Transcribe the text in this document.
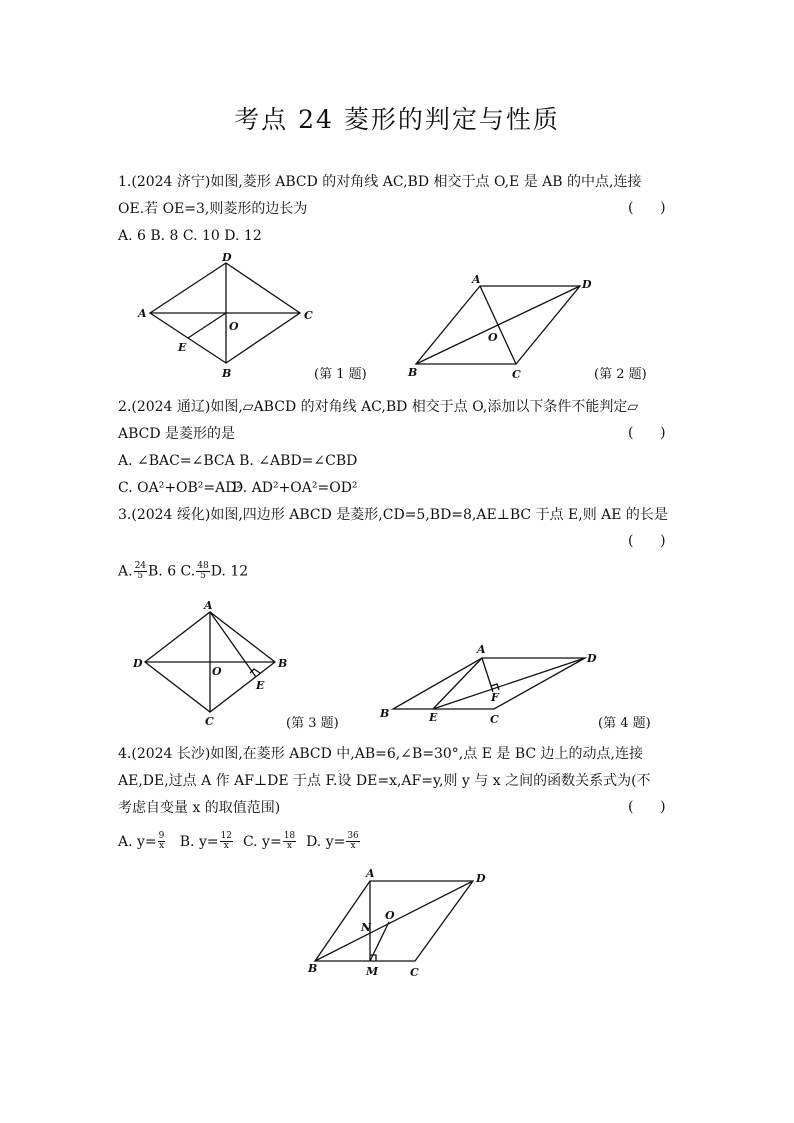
考点 24 菱形的判定与性质
1.(2024 济宁)如图,菱形 ABCD 的对角线 AC,BD 相交于点 O,E 是 AB 的中点,连接
OE.若 OE=3,则菱形的边长为	(      )
A. 6 B. 8 C. 10 D. 12
A
D
C
B
O
E
(第 1 题)
A	D
B	C
O
(第 2 题)
2.(2024 通辽)如图,▱ABCD 的对角线 AC,BD 相交于点 O,添加以下条件不能判定▱
ABCD 是菱形的是	(      )
A. ∠BAC=∠BCA B. ∠ABD=∠CBD
C. OA²+OB²=AD²
D. AD²+OA²=OD²
3.(2024 绥化)如图,四边形 ABCD 是菱形,CD=5,BD=8,AE⊥BC 于点 E,则 AE 的长是
(      )
A. $\frac{24}{5} B$. 6 C. $\frac{48}{5} D$. 12
A
D	B
C
O
E
(第 3 题)
A
D
B	E	C
F
(第 4 题)
4.(2024 长沙)如图,在菱形 ABCD 中,AB=6,∠B=30°,点 E 是 BC 边上的动点,连接
AE,DE,过点 A 作 AF⊥DE 于点 F.设 DE=x,AF=y,则 y 与 x 之间的函数关系式为(不
考虑自变量 x 的取值范围)	(      )
A. $y= \frac{9}{x} B$. $y= \frac{12}{x} C$. $y= \frac{18}{x} D$. $y= \frac{36}{x}$
A	D
B	C
N
O
M
